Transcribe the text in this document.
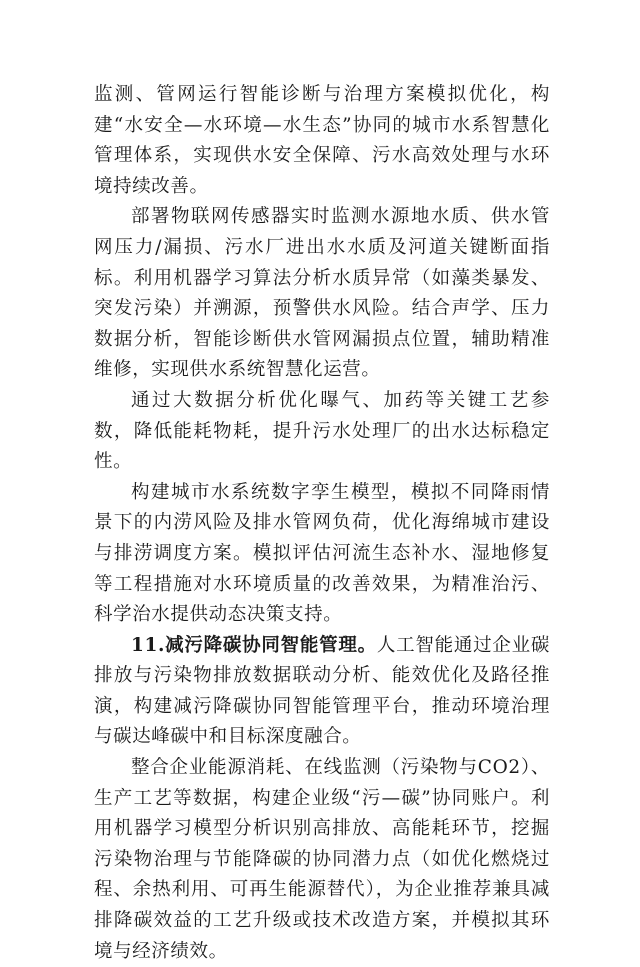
监测、管网运行智能诊断与治理方案模拟优化，构建“水安全—水环境—水生态”协同的城市水系智慧化管理体系，实现供水安全保障、污水高效处理与水环境持续改善。

部署物联网传感器实时监测水源地水质、供水管网压力/漏损、污水厂进出水水质及河道关键断面指标。利用机器学习算法分析水质异常（如藻类暴发、突发污染）并溯源，预警供水风险。结合声学、压力数据分析，智能诊断供水管网漏损点位置，辅助精准维修，实现供水系统智慧化运营。

通过大数据分析优化曝气、加药等关键工艺参数，降低能耗物耗，提升污水处理厂的出水达标稳定性。

构建城市水系统数字孪生模型，模拟不同降雨情景下的内涝风险及排水管网负荷，优化海绵城市建设与排涝调度方案。模拟评估河流生态补水、湿地修复等工程措施对水环境质量的改善效果，为精准治污、科学治水提供动态决策支持。

11.减污降碳协同智能管理。人工智能通过企业碳排放与污染物排放数据联动分析、能效优化及路径推演，构建减污降碳协同智能管理平台，推动环境治理与碳达峰碳中和目标深度融合。

整合企业能源消耗、在线监测（污染物与CO2）、生产工艺等数据，构建企业级“污—碳”协同账户。利用机器学习模型分析识别高排放、高能耗环节，挖掘污染物治理与节能降碳的协同潜力点（如优化燃烧过程、余热利用、可再生能源替代），为企业推荐兼具减排降碳效益的工艺升级或技术改造方案，并模拟其环境与经济绩效。
